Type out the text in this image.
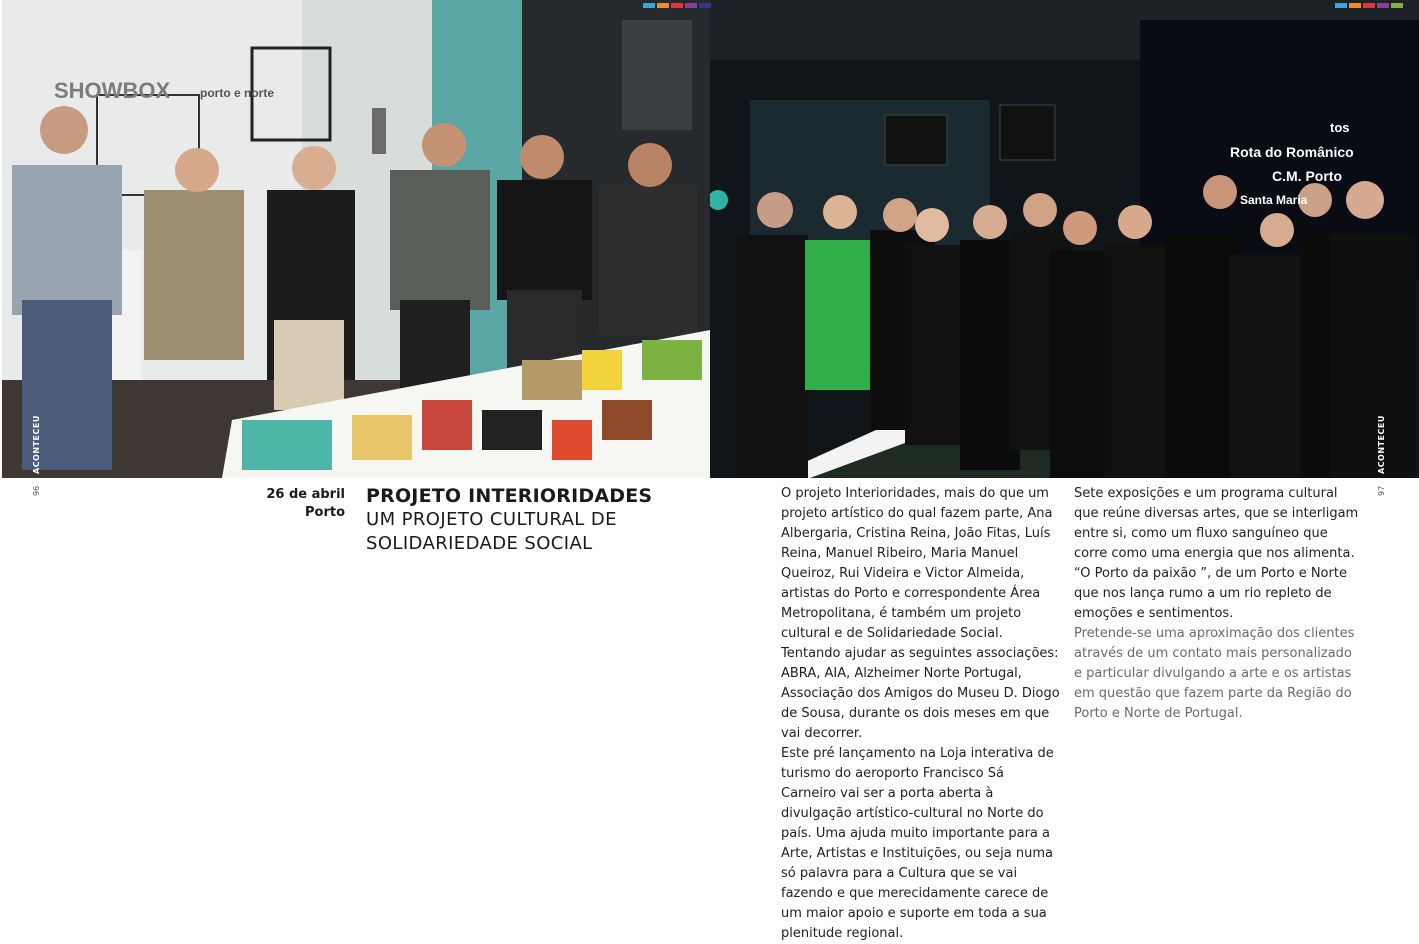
SHOWBOX porto e norte
tos
Rota do Românico
C.M. Porto
Santa Maria
ACONTECEU	ACONTECEU
96	97
26 de abril
Porto
PROJETO INTERIORIDADES
UM PROJETO CULTURAL DE
SOLIDARIEDADE SOCIAL

O projeto Interioridades, mais do que um projeto artístico do qual fazem parte, Ana Albergaria, Cristina Reina, João Fitas, Luís Reina, Manuel Ribeiro, Maria Manuel Queiroz, Rui Videira e Victor Almeida, artistas do Porto e correspondente Área Metropolitana, é também um projeto cultural e de Solidariedade Social.

Tentando ajudar as seguintes associações: ABRA, AIA, Alzheimer Norte Portugal, Associação dos Amigos do Museu D. Diogo de Sousa, durante os dois meses em que vai decorrer.

Este pré lançamento na Loja interativa de turismo do aeroporto Francisco Sá Carneiro vai ser a porta aberta à divulgação artístico-cultural no Norte do país. Uma ajuda muito importante para a Arte, Artistas e Instituições, ou seja numa só palavra para a Cultura que se vai fazendo e que merecidamente carece de um maior apoio e suporte em toda a sua plenitude regional.

Sete exposições e um programa cultural que reúne diversas artes, que se interligam entre si, como um fluxo sanguíneo que corre como uma energia que nos alimenta.

“O Porto da paixão ”, de um Porto e Norte que nos lança rumo a um rio repleto de emoções e sentimentos.

Pretende-se uma aproximação dos clientes através de um contato mais personalizado e particular divulgando a arte e os artistas em questão que fazem parte da Região do Porto e Norte de Portugal.
